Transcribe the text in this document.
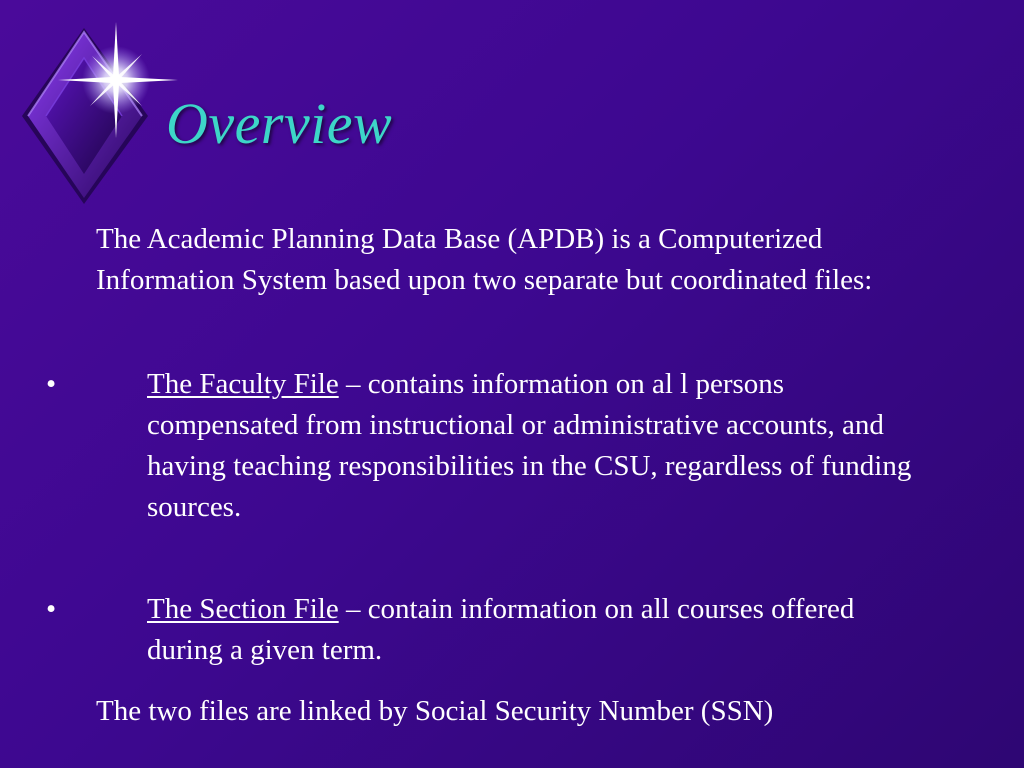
Overview

The Academic Planning Data Base (APDB) is a Computerized Information System based upon two separate but coordinated files:

•	The Faculty File – contains information on al l persons compensated from instructional or administrative accounts, and having teaching responsibilities in the CSU, regardless of funding sources.

•	The Section File – contain information on all courses offered during a given term.

The two files are linked by Social Security Number (SSN)
